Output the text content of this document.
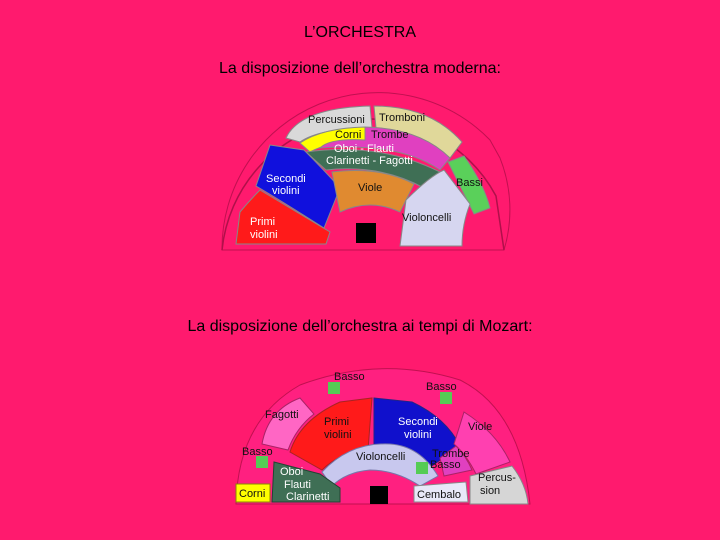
L’ORCHESTRA
La disposizione dell’orchestra moderna:
La disposizione dell’orchestra ai tempi di Mozart:
Percussioni Tromboni
Corni Trombe
Oboi - Flauti
Clarinetti - Fagotti
Secondi
violini	Viole	Bassi
Primi
violini
Violoncelli
Basso
Basso
Fagotti
Primi
violini
Secondi
violini
Viole
Basso	Trombe
Violoncelli
Basso
Oboi
Flauti
Clarinetti
Corni
Percus-
sion
Cembalo
